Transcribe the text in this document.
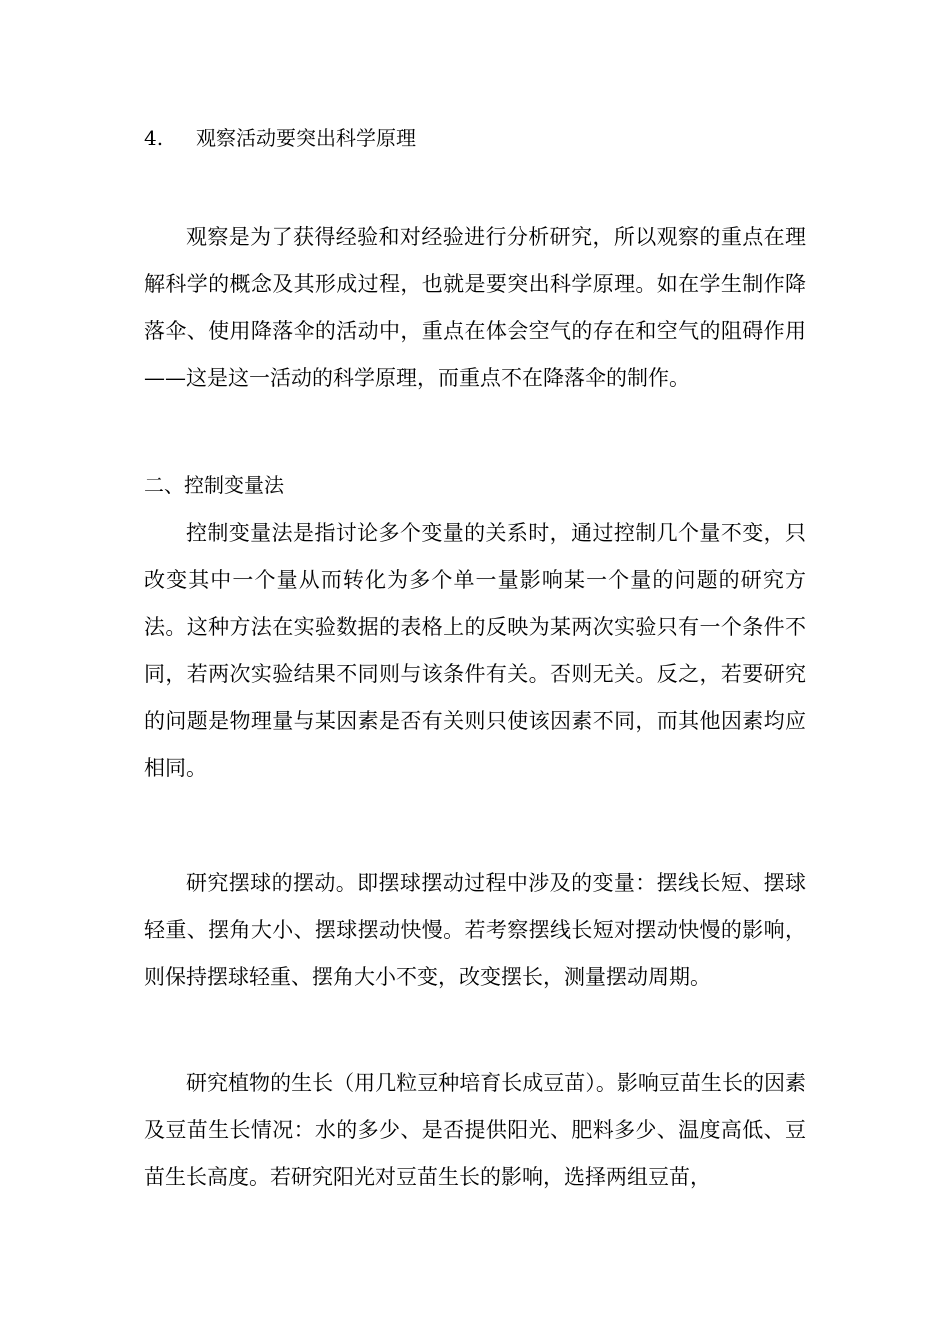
4. 观察活动要突出科学原理

观察是为了获得经验和对经验进行分析研究，所以观察的重点在理解科学的概念及其形成过程，也就是要突出科学原理。如在学生制作降落伞、使用降落伞的活动中，重点在体会空气的存在和空气的阻碍作用——这是这一活动的科学原理，而重点不在降落伞的制作。

二、控制变量法

控制变量法是指讨论多个变量的关系时，通过控制几个量不变，只改变其中一个量从而转化为多个单一量影响某一个量的问题的研究方法。这种方法在实验数据的表格上的反映为某两次实验只有一个条件不同，若两次实验结果不同则与该条件有关。否则无关。反之，若要研究的问题是物理量与某因素是否有关则只使该因素不同，而其他因素均应相同。

研究摆球的摆动。即摆球摆动过程中涉及的变量：摆线长短、摆球轻重、摆角大小、摆球摆动快慢。若考察摆线长短对摆动快慢的影响，则保持摆球轻重、摆角大小不变，改变摆长，测量摆动周期。

研究植物的生长（用几粒豆种培育长成豆苗）。影响豆苗生长的因素及豆苗生长情况：水的多少、是否提供阳光、肥料多少、温度高低、豆苗生长高度。若研究阳光对豆苗生长的影响，选择两组豆苗，
